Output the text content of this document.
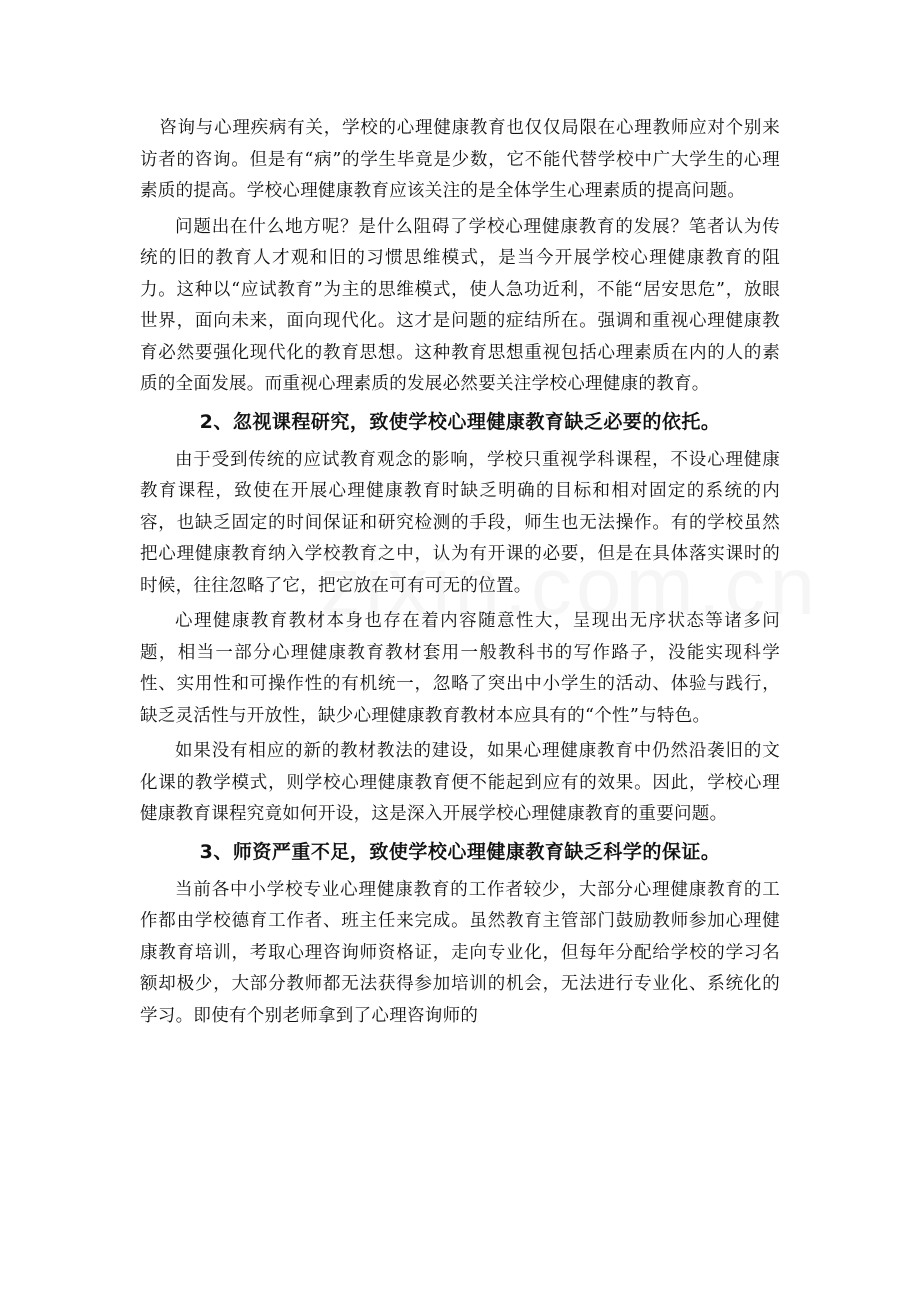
咨询与心理疾病有关，学校的心理健康教育也仅仅局限在心理教师应对个别来访者的咨询。但是有“病”的学生毕竟是少数，它不能代替学校中广大学生的心理素质的提高。学校心理健康教育应该关注的是全体学生心理素质的提高问题。

问题出在什么地方呢？是什么阻碍了学校心理健康教育的发展？笔者认为传统的旧的教育人才观和旧的习惯思维模式，是当今开展学校心理健康教育的阻力。这种以“应试教育”为主的思维模式，使人急功近利，不能“居安思危”，放眼世界，面向未来，面向现代化。这才是问题的症结所在。强调和重视心理健康教育必然要强化现代化的教育思想。这种教育思想重视包括心理素质在内的人的素质的全面发展。而重视心理素质的发展必然要关注学校心理健康的教育。

2、忽视课程研究，致使学校心理健康教育缺乏必要的依托。

由于受到传统的应试教育观念的影响，学校只重视学科课程，不设心理健康教育课程，致使在开展心理健康教育时缺乏明确的目标和相对固定的系统的内容，也缺乏固定的时间保证和研究检测的手段，师生也无法操作。有的学校虽然把心理健康教育纳入学校教育之中，认为有开课的必要，但是在具体落实课时的时候，往往忽略了它，把它放在可有可无的位置。

心理健康教育教材本身也存在着内容随意性大，呈现出无序状态等诸多问题，相当一部分心理健康教育教材套用一般教科书的写作路子，没能实现科学性、实用性和可操作性的有机统一，忽略了突出中小学生的活动、体验与践行，缺乏灵活性与开放性，缺少心理健康教育教材本应具有的“个性”与特色。

如果没有相应的新的教材教法的建设，如果心理健康教育中仍然沿袭旧的文化课的教学模式，则学校心理健康教育便不能起到应有的效果。因此，学校心理健康教育课程究竟如何开设，这是深入开展学校心理健康教育的重要问题。

3、师资严重不足，致使学校心理健康教育缺乏科学的保证。

当前各中小学校专业心理健康教育的工作者较少，大部分心理健康教育的工作都由学校德育工作者、班主任来完成。虽然教育主管部门鼓励教师参加心理健康教育培训，考取心理咨询师资格证，走向专业化，但每年分配给学校的学习名额却极少，大部分教师都无法获得参加培训的机会，无法进行专业化、系统化的学习。即使有个别老师拿到了心理咨询师的
